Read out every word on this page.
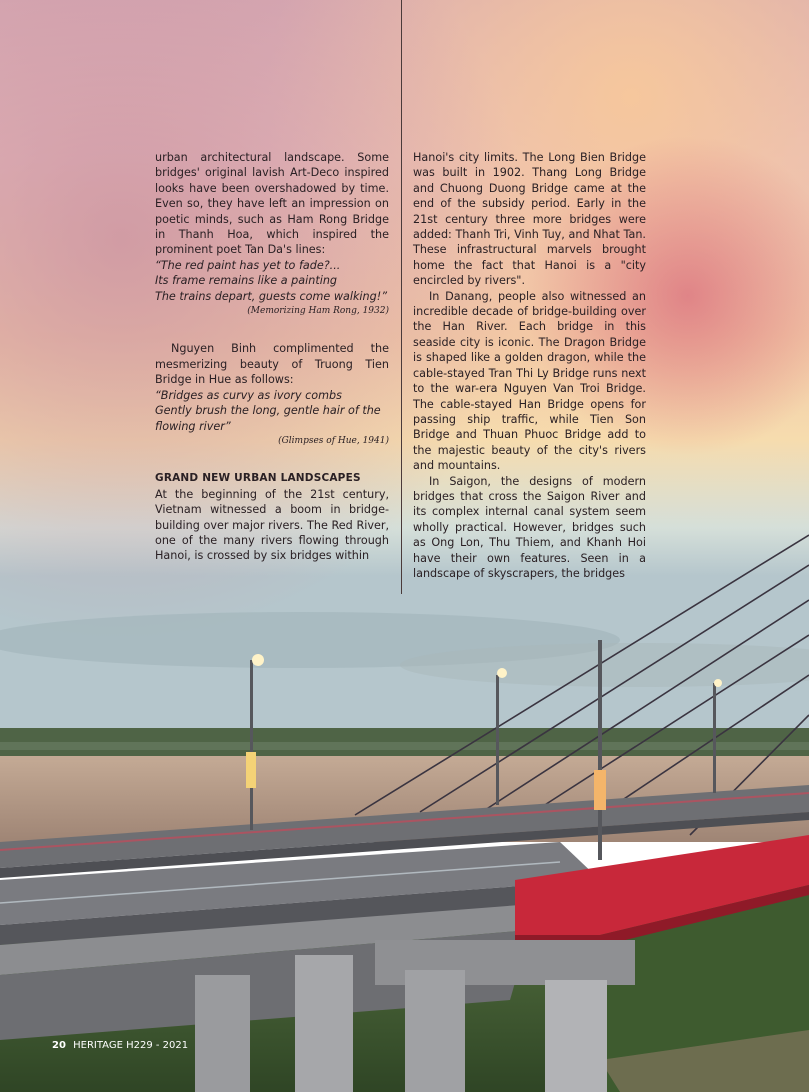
urban architectural landscape. Some bridges' original lavish Art-Deco inspired looks have been overshadowed by time. Even so, they have left an impression on poetic minds, such as Ham Rong Bridge in Thanh Hoa, which inspired the prominent poet Tan Da's lines:

“The red paint has yet to fade?...

Its frame remains like a painting

The trains depart, guests come walking!”

(Memorizing Ham Rong, 1932)

Nguyen Binh complimented the mesmerizing beauty of Truong Tien Bridge in Hue as follows:

“Bridges as curvy as ivory combs

Gently brush the long, gentle hair of the flowing river”

(Glimpses of Hue, 1941)

GRAND NEW URBAN LANDSCAPES

At the beginning of the 21st century, Vietnam witnessed a boom in bridge-building over major rivers. The Red River, one of the many rivers flowing through Hanoi, is crossed by six bridges within

Hanoi's city limits. The Long Bien Bridge was built in 1902. Thang Long Bridge and Chuong Duong Bridge came at the end of the subsidy period. Early in the 21st century three more bridges were added: Thanh Tri, Vinh Tuy, and Nhat Tan. These infrastructural marvels brought home the fact that Hanoi is a "city encircled by rivers".

In Danang, people also witnessed an incredible decade of bridge-building over the Han River. Each bridge in this seaside city is iconic. The Dragon Bridge is shaped like a golden dragon, while the cable-stayed Tran Thi Ly Bridge runs next to the war-era Nguyen Van Troi Bridge. The cable-stayed Han Bridge opens for passing ship traffic, while Tien Son Bridge and Thuan Phuoc Bridge add to the majestic beauty of the city's rivers and mountains.

In Saigon, the designs of modern bridges that cross the Saigon River and its complex internal canal system seem wholly practical. However, bridges such as Ong Lon, Thu Thiem, and Khanh Hoi have their own features. Seen in a landscape of skyscrapers, the bridges

20 HERITAGE H229 - 2021
